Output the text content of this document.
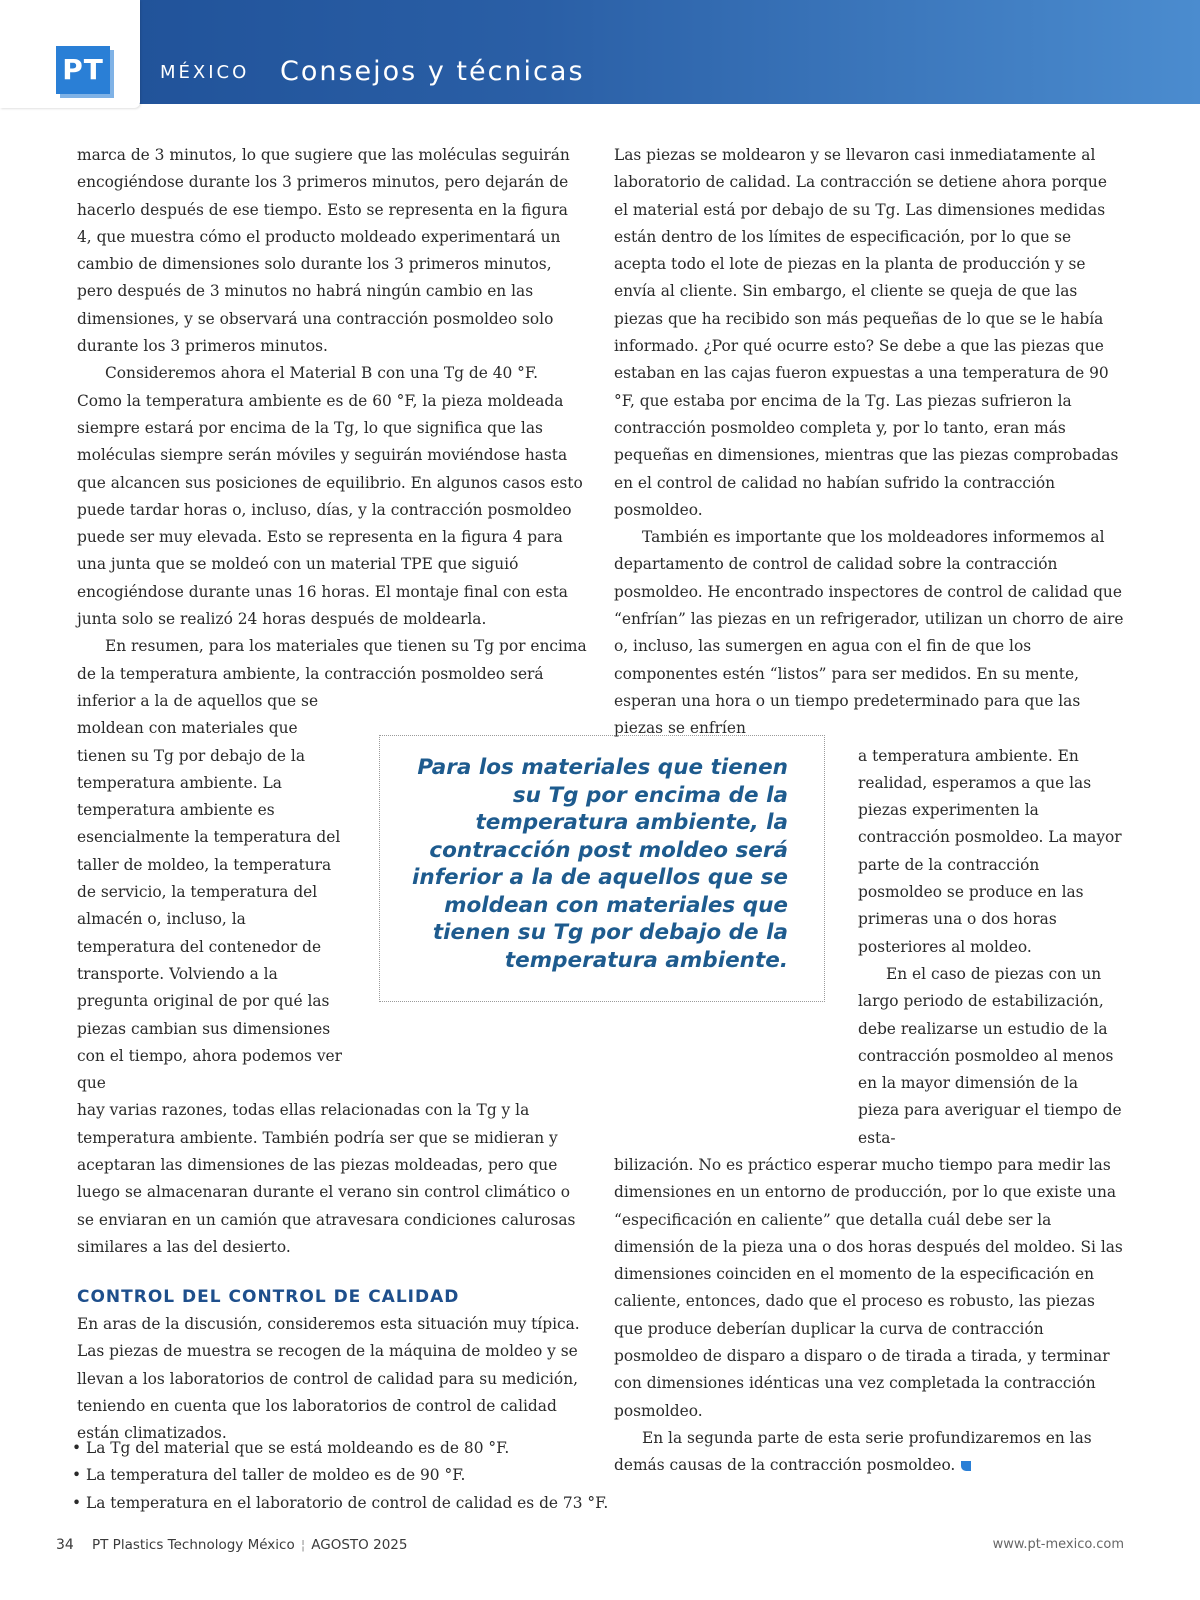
PT	MÉXICO Consejos y técnicas

marca de 3 minutos, lo que sugiere que las moléculas seguirán encogiéndose durante los 3 primeros minutos, pero dejarán de hacerlo después de ese tiempo. Esto se representa en la figura 4, que muestra cómo el producto moldeado experimentará un cambio de dimensiones solo durante los 3 primeros minutos, pero después de 3 minutos no habrá ningún cambio en las dimensiones, y se observará una contracción posmoldeo solo durante los 3 primeros minutos.

Consideremos ahora el Material B con una Tg de 40 °F. Como la temperatura ambiente es de 60 °F, la pieza moldeada siempre estará por encima de la Tg, lo que significa que las moléculas siempre serán móviles y seguirán moviéndose hasta que alcancen sus posiciones de equilibrio. En algunos casos esto puede tardar horas o, incluso, días, y la contracción posmoldeo puede ser muy elevada. Esto se representa en la figura 4 para una junta que se moldeó con un material TPE que siguió encogiéndose durante unas 16 horas. El montaje final con esta junta solo se realizó 24 horas después de moldearla.

En resumen, para los materiales que tienen su Tg por encima de la temperatura ambiente, la contracción posmoldeo será

inferior a la de aquellos que se moldean con materiales que tienen su Tg por debajo de la temperatura ambiente. La temperatura ambiente es esencialmente la temperatura del taller de moldeo, la temperatura de servicio, la temperatura del almacén o, incluso, la temperatura del contenedor de transporte. Volviendo a la pregunta original de por qué las piezas cambian sus dimensiones con el tiempo, ahora podemos ver que

hay varias razones, todas ellas relacionadas con la Tg y la temperatura ambiente. También podría ser que se midieran y aceptaran las dimensiones de las piezas moldeadas, pero que luego se almacenaran durante el verano sin control climático o se enviaran en un camión que atravesara condiciones calurosas similares a las del desierto.

CONTROL DEL CONTROL DE CALIDAD

En aras de la discusión, consideremos esta situación muy típica. Las piezas de muestra se recogen de la máquina de moldeo y se llevan a los laboratorios de control de calidad para su medición, teniendo en cuenta que los laboratorios de control de calidad están climatizados.

Para los materiales que tienen su Tg por encima de la temperatura ambiente, la contracción post moldeo será inferior a la de aquellos que se moldean con materiales que tienen su Tg por debajo de la temperatura ambiente.

Las piezas se moldearon y se llevaron casi inmediatamente al laboratorio de calidad. La contracción se detiene ahora porque el material está por debajo de su Tg. Las dimensiones medidas están dentro de los límites de especificación, por lo que se acepta todo el lote de piezas en la planta de producción y se envía al cliente. Sin embargo, el cliente se queja de que las piezas que ha recibido son más pequeñas de lo que se le había informado. ¿Por qué ocurre esto? Se debe a que las piezas que estaban en las cajas fueron expuestas a una temperatura de 90 °F, que estaba por encima de la Tg. Las piezas sufrieron la contracción posmoldeo completa y, por lo tanto, eran más pequeñas en dimensiones, mientras que las piezas comprobadas en el control de calidad no habían sufrido la contracción posmoldeo.

También es importante que los moldeadores informemos al departamento de control de calidad sobre la contracción posmoldeo. He encontrado inspectores de control de calidad que “enfrían” las piezas en un refrigerador, utilizan un chorro de aire o, incluso, las sumergen en agua con el fin de que los componentes estén “listos” para ser medidos. En su mente, esperan una hora o un tiempo predeterminado para que las piezas se enfríen

a temperatura ambiente. En realidad, esperamos a que las piezas experimenten la contracción posmoldeo. La mayor parte de la contracción posmoldeo se produce en las primeras una o dos horas posteriores al moldeo.

En el caso de piezas con un largo periodo de estabilización, debe realizarse un estudio de la contracción posmoldeo al menos en la mayor dimensión de la pieza para averiguar el tiempo de esta-

bilización. No es práctico esperar mucho tiempo para medir las dimensiones en un entorno de producción, por lo que existe una “especificación en caliente” que detalla cuál debe ser la dimensión de la pieza una o dos horas después del moldeo. Si las dimensiones coinciden en el momento de la especificación en caliente, entonces, dado que el proceso es robusto, las piezas que produce deberían duplicar la curva de contracción posmoldeo de disparo a disparo o de tirada a tirada, y terminar con dimensiones idénticas una vez completada la contracción posmoldeo.

En la segunda parte de esta serie profundizaremos en las demás causas de la contracción posmoldeo.

• La Tg del material que se está moldeando es de 80 °F.
• La temperatura del taller de moldeo es de 90 °F.
• La temperatura en el laboratorio de control de calidad es de 73 °F.
34 PT Plastics Technology México ¦ AGOSTO 2025	www.pt-mexico.com
